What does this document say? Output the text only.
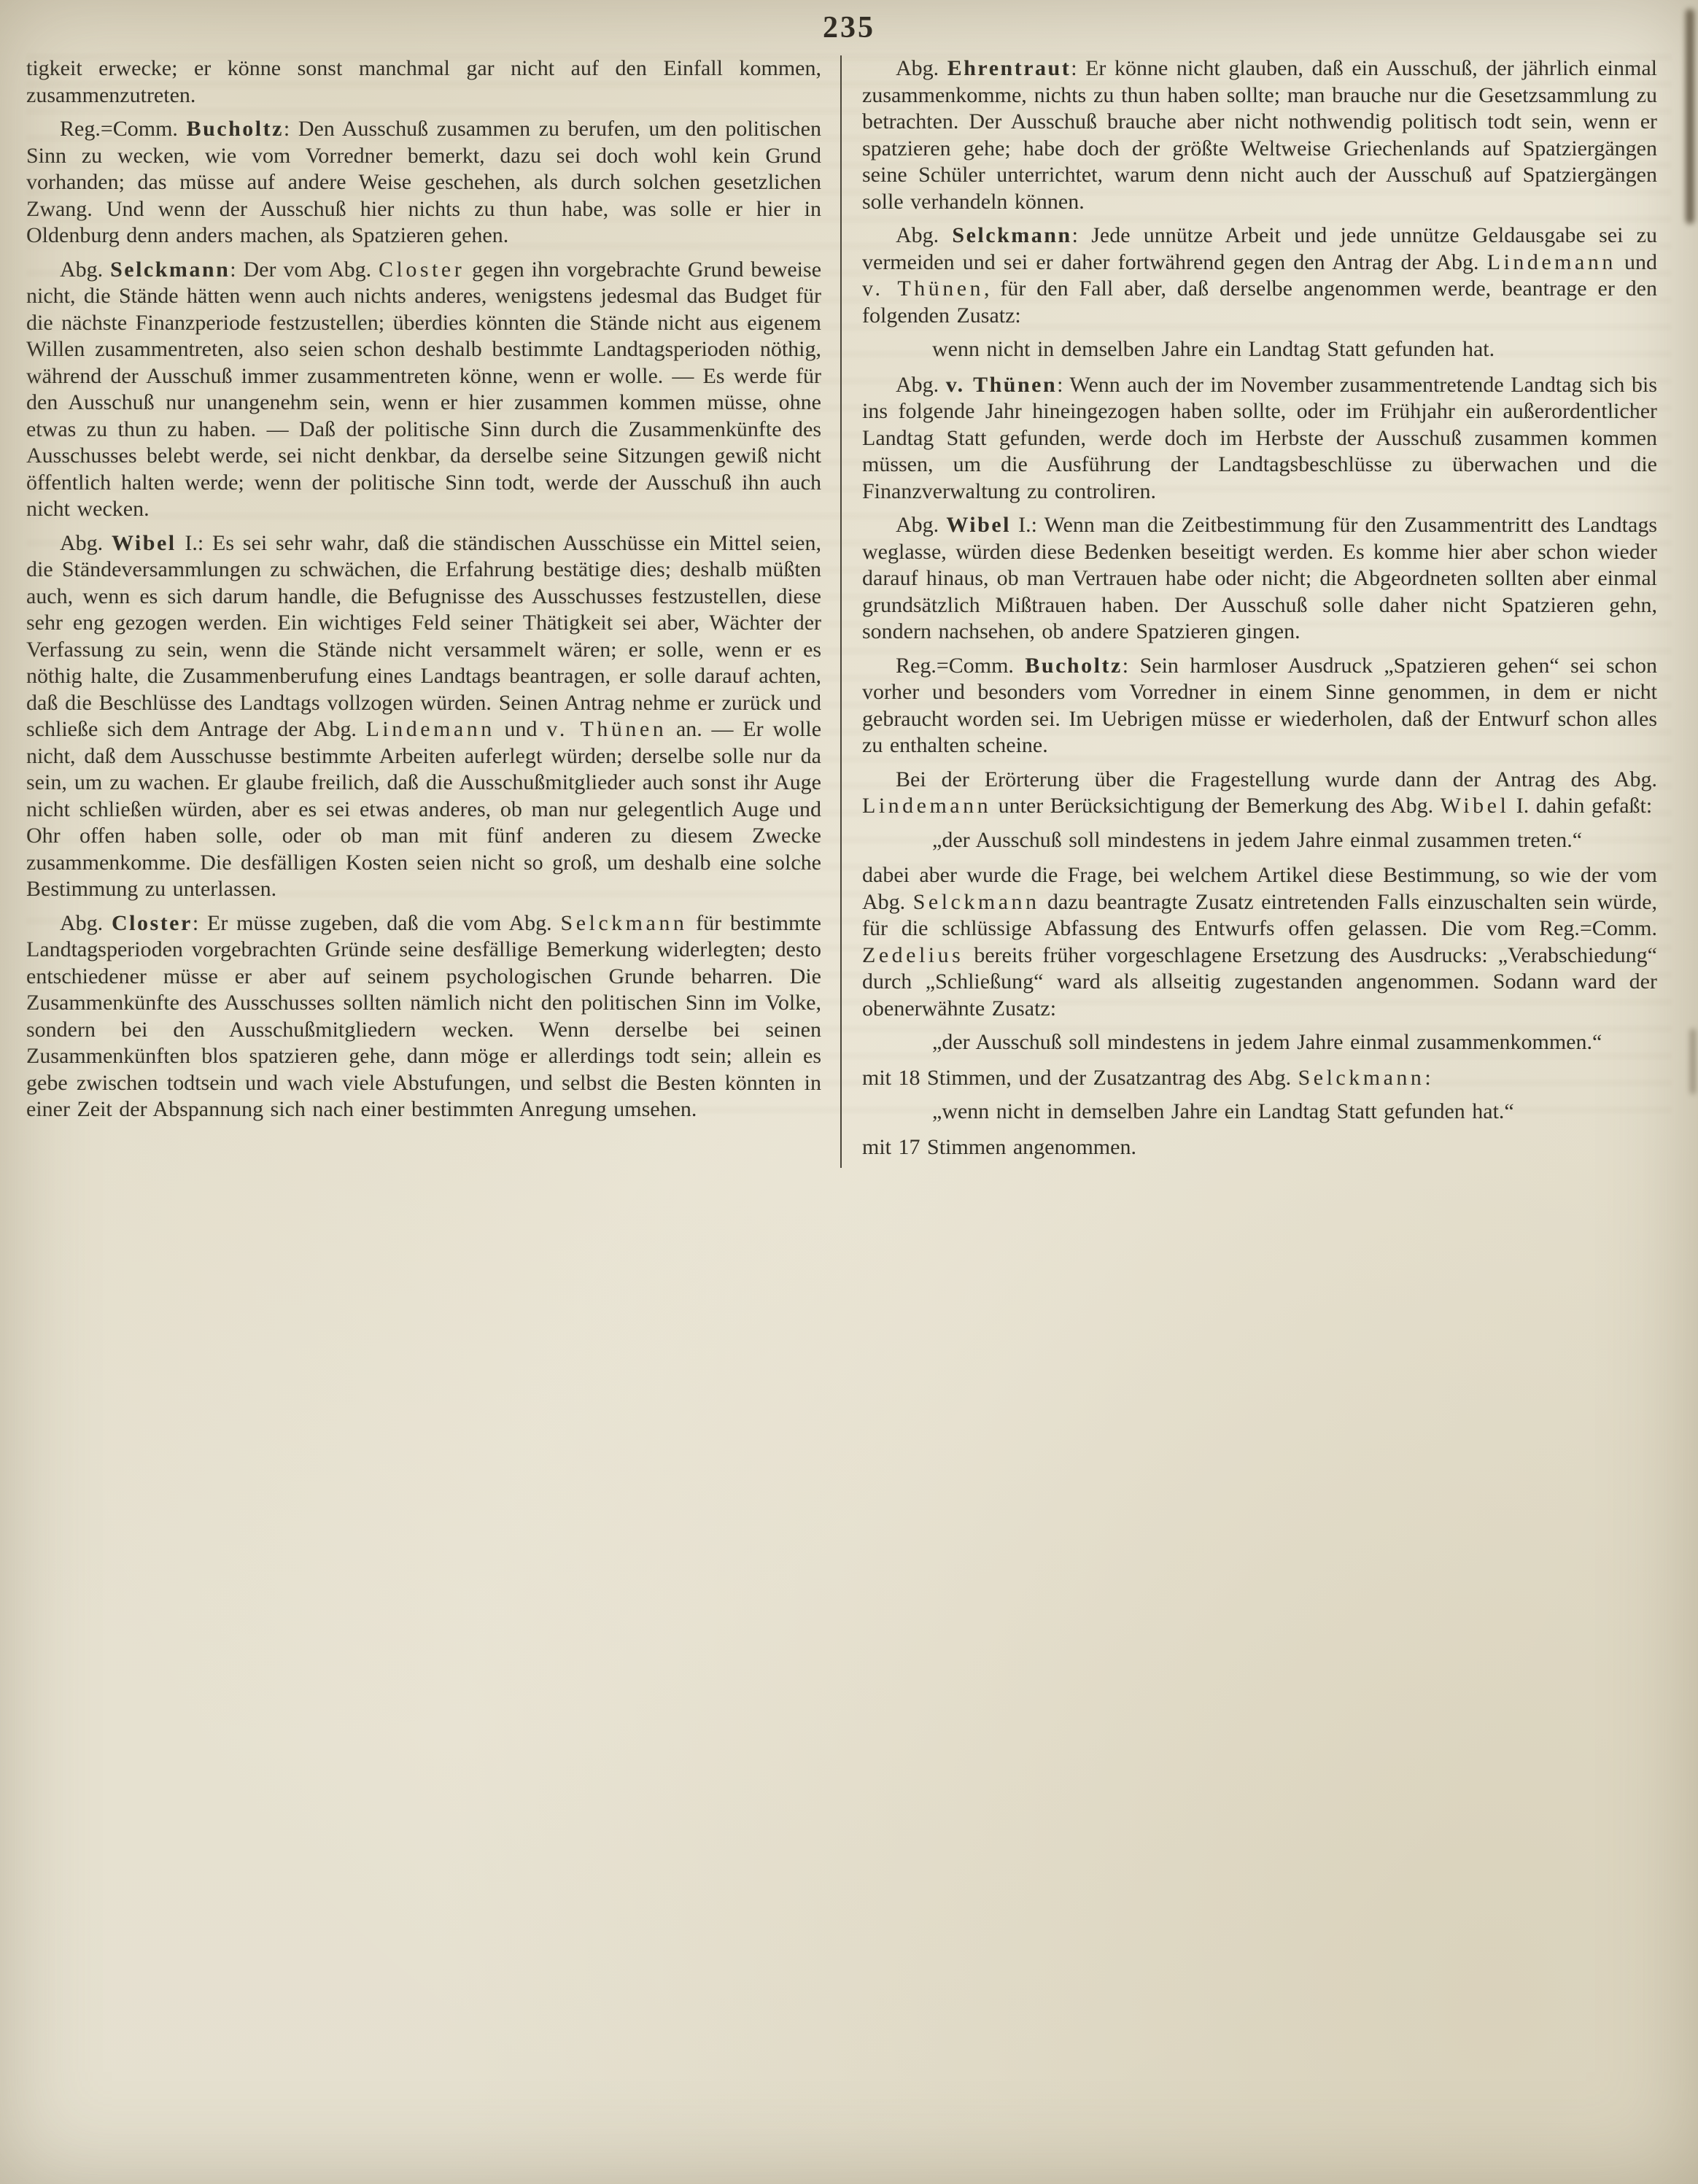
235

tigkeit erwecke; er könne sonst manchmal gar nicht auf den Einfall kommen, zusammenzutreten.

Reg.=Comm. Bucholtz: Den Ausschuß zusammen zu berufen, um den politischen Sinn zu wecken, wie vom Vorredner bemerkt, dazu sei doch wohl kein Grund vorhanden; das müsse auf andere Weise geschehen, als durch solchen gesetzlichen Zwang. Und wenn der Ausschuß hier nichts zu thun habe, was solle er hier in Oldenburg denn anders machen, als Spatzieren gehen.

Abg. Selckmann: Der vom Abg. Closter gegen ihn vorgebrachte Grund beweise nicht, die Stände hätten wenn auch nichts anderes, wenigstens jedesmal das Budget für die nächste Finanzperiode festzustellen; überdies könnten die Stände nicht aus eigenem Willen zusammentreten, also seien schon deshalb bestimmte Landtagsperioden nöthig, während der Ausschuß immer zusammentreten könne, wenn er wolle. — Es werde für den Ausschuß nur unangenehm sein, wenn er hier zusammen kommen müsse, ohne etwas zu thun zu haben. — Daß der politische Sinn durch die Zusammenkünfte des Ausschusses belebt werde, sei nicht denkbar, da derselbe seine Sitzungen gewiß nicht öffentlich halten werde; wenn der politische Sinn todt, werde der Ausschuß ihn auch nicht wecken.

Abg. Wibel I.: Es sei sehr wahr, daß die ständischen Ausschüsse ein Mittel seien, die Ständeversammlungen zu schwächen, die Erfahrung bestätige dies; deshalb müßten auch, wenn es sich darum handle, die Befugnisse des Ausschusses festzustellen, diese sehr eng gezogen werden. Ein wichtiges Feld seiner Thätigkeit sei aber, Wächter der Verfassung zu sein, wenn die Stände nicht versammelt wären; er solle, wenn er es nöthig halte, die Zusammenberufung eines Landtags beantragen, er solle darauf achten, daß die Beschlüsse des Landtags vollzogen würden. Seinen Antrag nehme er zurück und schließe sich dem Antrage der Abg. Lindemann und v. Thünen an. — Er wolle nicht, daß dem Ausschusse bestimmte Arbeiten auferlegt würden; derselbe solle nur da sein, um zu wachen. Er glaube freilich, daß die Ausschußmitglieder auch sonst ihr Auge nicht schließen würden, aber es sei etwas anderes, ob man nur gelegentlich Auge und Ohr offen haben solle, oder ob man mit fünf anderen zu diesem Zwecke zusammenkomme. Die desfälligen Kosten seien nicht so groß, um deshalb eine solche Bestimmung zu unterlassen.

Abg. Closter: Er müsse zugeben, daß die vom Abg. Selckmann für bestimmte Landtagsperioden vorgebrachten Gründe seine desfällige Bemerkung widerlegten; desto entschiedener müsse er aber auf seinem psychologischen Grunde beharren. Die Zusammenkünfte des Ausschusses sollten nämlich nicht den politischen Sinn im Volke, sondern bei den Ausschußmitgliedern wecken. Wenn derselbe bei seinen Zusammenkünften blos spatzieren gehe, dann möge er allerdings todt sein; allein es gebe zwischen todtsein und wach viele Abstufungen, und selbst die Besten könnten in einer Zeit der Abspannung sich nach einer bestimmten Anregung umsehen.

Abg. Ehrentraut: Er könne nicht glauben, daß ein Ausschuß, der jährlich einmal zusammenkomme, nichts zu thun haben sollte; man brauche nur die Gesetzsammlung zu betrachten. Der Ausschuß brauche aber nicht nothwendig politisch todt sein, wenn er spatzieren gehe; habe doch der größte Weltweise Griechenlands auf Spatziergängen seine Schüler unterrichtet, warum denn nicht auch der Ausschuß auf Spatziergängen solle verhandeln können.

Abg. Selckmann: Jede unnütze Arbeit und jede unnütze Geldausgabe sei zu vermeiden und sei er daher fortwährend gegen den Antrag der Abg. Lindemann und v. Thünen, für den Fall aber, daß derselbe angenommen werde, beantrage er den folgenden Zusatz:

wenn nicht in demselben Jahre ein Landtag Statt gefunden hat.

Abg. v. Thünen: Wenn auch der im November zusammentretende Landtag sich bis ins folgende Jahr hineingezogen haben sollte, oder im Frühjahr ein außerordentlicher Landtag Statt gefunden, werde doch im Herbste der Ausschuß zusammen kommen müssen, um die Ausführung der Landtagsbeschlüsse zu überwachen und die Finanzverwaltung zu controliren.

Abg. Wibel I.: Wenn man die Zeitbestimmung für den Zusammentritt des Landtags weglasse, würden diese Bedenken beseitigt werden. Es komme hier aber schon wieder darauf hinaus, ob man Vertrauen habe oder nicht; die Abgeordneten sollten aber einmal grundsätzlich Mißtrauen haben. Der Ausschuß solle daher nicht Spatzieren gehn, sondern nachsehen, ob andere Spatzieren gingen.

Reg.=Comm. Bucholtz: Sein harmloser Ausdruck „Spatzieren gehen“ sei schon vorher und besonders vom Vorredner in einem Sinne genommen, in dem er nicht gebraucht worden sei. Im Uebrigen müsse er wiederholen, daß der Entwurf schon alles zu enthalten scheine.

Bei der Erörterung über die Fragestellung wurde dann der Antrag des Abg. Lindemann unter Berücksichtigung der Bemerkung des Abg. Wibel I. dahin gefaßt:

„der Ausschuß soll mindestens in jedem Jahre einmal zusammen treten.“

dabei aber wurde die Frage, bei welchem Artikel diese Bestimmung, so wie der vom Abg. Selckmann dazu beantragte Zusatz eintretenden Falls einzuschalten sein würde, für die schlüssige Abfassung des Entwurfs offen gelassen. Die vom Reg.=Comm. Zedelius bereits früher vorgeschlagene Ersetzung des Ausdrucks: „Verabschiedung“ durch „Schließung“ ward als allseitig zugestanden angenommen. Sodann ward der obenerwähnte Zusatz:

„der Ausschuß soll mindestens in jedem Jahre einmal zusammenkommen.“

mit 18 Stimmen, und der Zusatzantrag des Abg. Selckmann:

„wenn nicht in demselben Jahre ein Landtag Statt gefunden hat.“

mit 17 Stimmen angenommen.
